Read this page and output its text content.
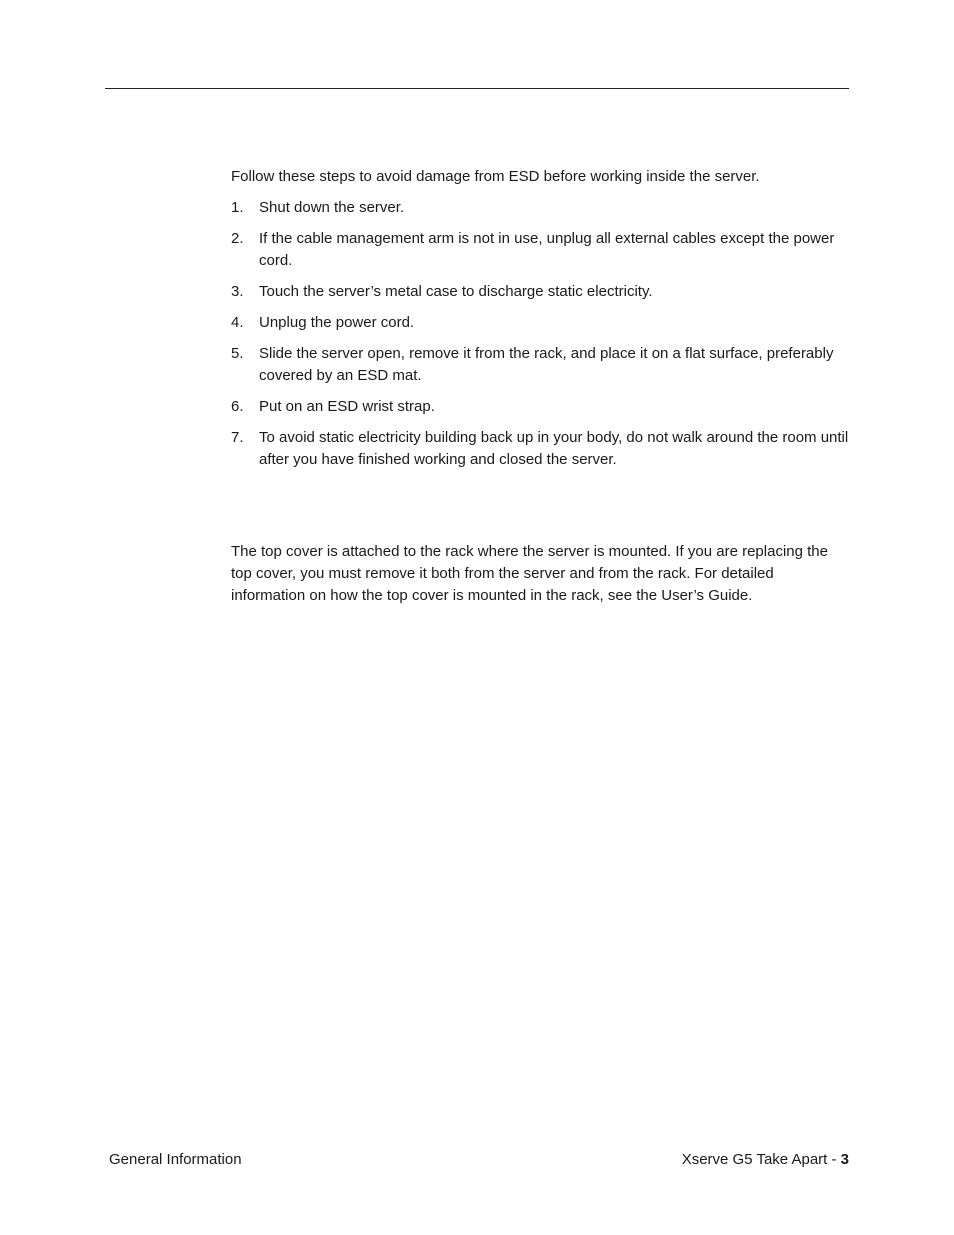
Follow these steps to avoid damage from ESD before working inside the server.

1. Shut down the server.
2. If the cable management arm is not in use, unplug all external cables except the power cord.
3. Touch the server’s metal case to discharge static electricity.
4. Unplug the power cord.
5. Slide the server open, remove it from the rack, and place it on a flat surface, preferably covered by an ESD mat.
6. Put on an ESD wrist strap.
7. To avoid static electricity building back up in your body, do not walk around the room until after you have finished working and closed the server.

The top cover is attached to the rack where the server is mounted. If you are replacing the top cover, you must remove it both from the server and from the rack. For detailed information on how the top cover is mounted in the rack, see the User’s Guide.

General Information	Xserve G5 Take Apart - 3
